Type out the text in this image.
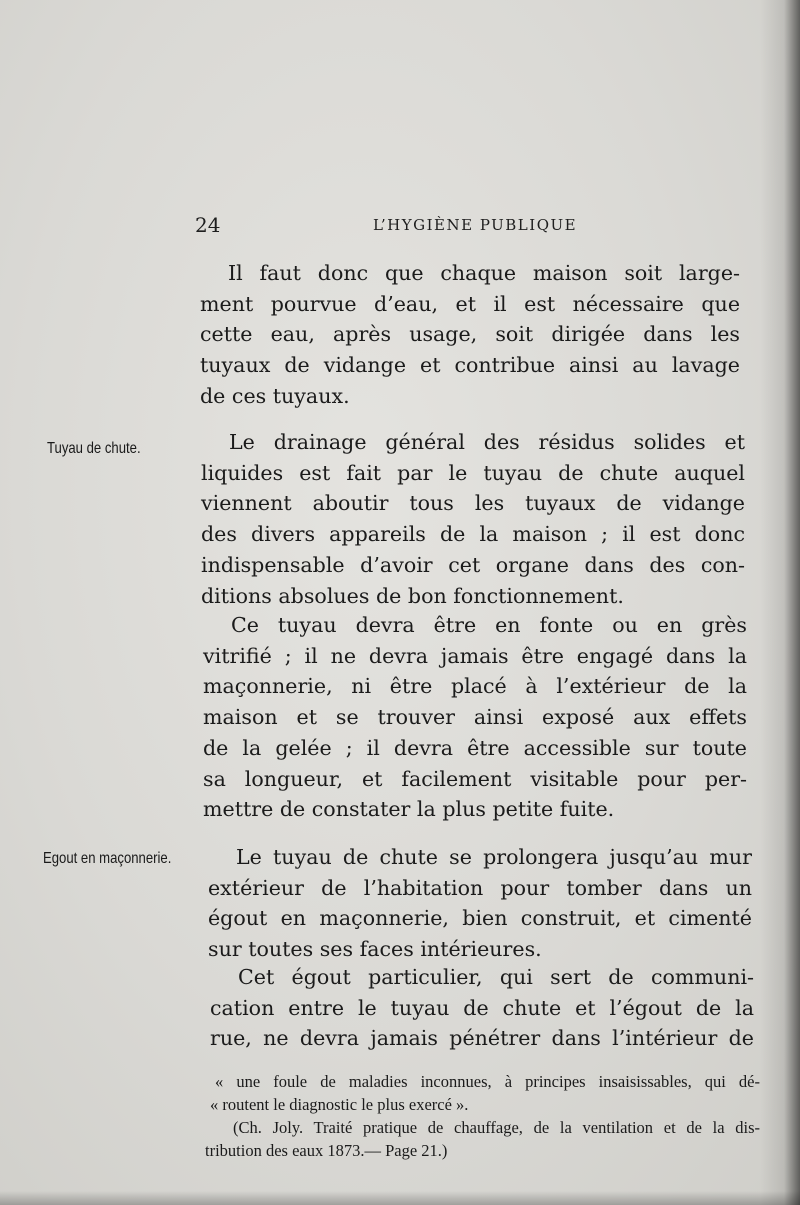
24	L’HYGIÈNE PUBLIQUE
Tuyau de chute.
Egout en maçonnerie.
Il faut donc que chaque maison soit large-
ment pourvue d’eau, et il est nécessaire que
cette eau, après usage, soit dirigée dans les
tuyaux de vidange et contribue ainsi au lavage
de ces tuyaux.
Le drainage général des résidus solides et
liquides est fait par le tuyau de chute auquel
viennent aboutir tous les tuyaux de vidange
des divers appareils de la maison ; il est donc
indispensable d’avoir cet organe dans des con-
ditions absolues de bon fonctionnement.
Ce tuyau devra être en fonte ou en grès
vitrifié ; il ne devra jamais être engagé dans la
maçonnerie, ni être placé à l’extérieur de la
maison et se trouver ainsi exposé aux effets
de la gelée ; il devra être accessible sur toute
sa longueur, et facilement visitable pour per-
mettre de constater la plus petite fuite.
Le tuyau de chute se prolongera jusqu’au mur
extérieur de l’habitation pour tomber dans un
égout en maçonnerie, bien construit, et cimenté
sur toutes ses faces intérieures.
Cet égout particulier, qui sert de communi-
cation entre le tuyau de chute et l’égout de la
rue, ne devra jamais pénétrer dans l’intérieur de
« une foule de maladies inconnues, à principes insaisissables, qui dé-
« routent le diagnostic le plus exercé ».
(Ch. Joly. Traité pratique de chauffage, de la ventilation et de la dis-
tribution des eaux 1873.— Page 21.)
